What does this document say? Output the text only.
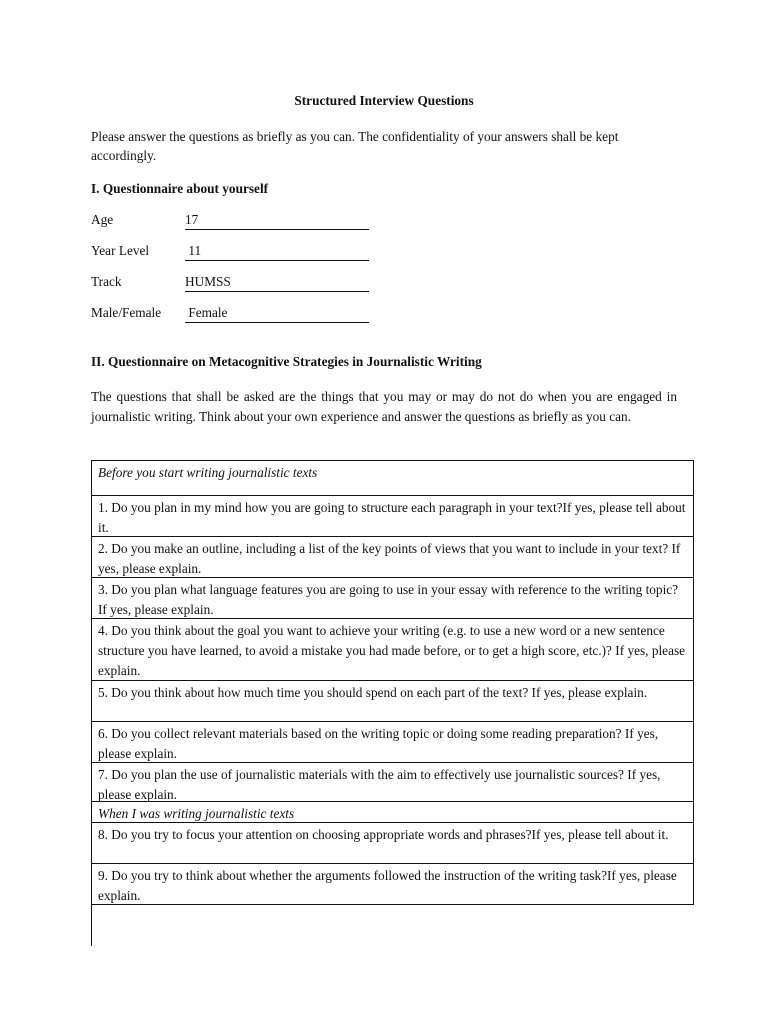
Structured Interview Questions
Please answer the questions as briefly as you can. The confidentiality of your answers shall be kept accordingly.
I. Questionnaire about yourself
Age	17
Year Level	11
Track	HUMSS
Male/Female Female
II. Questionnaire on Metacognitive Strategies in Journalistic Writing
The questions that shall be asked are the things that you may or may do not do when you are engaged in journalistic writing. Think about your own experience and answer the questions as briefly as you can.
Before you start writing journalistic texts
1. Do you plan in my mind how you are going to structure each paragraph in your text?If yes, please tell about it.
2. Do you make an outline, including a list of the key points of views that you want to include in your text? If yes, please explain.
3. Do you plan what language features you are going to use in your essay with reference to the writing topic? If yes, please explain.
4. Do you think about the goal you want to achieve your writing (e.g. to use a new word or a new sentence structure you have learned, to avoid a mistake you had made before, or to get a high score, etc.)? If yes, please explain.
5. Do you think about how much time you should spend on each part of the text? If yes, please explain.
6. Do you collect relevant materials based on the writing topic or doing some reading preparation? If yes, please explain.
7. Do you plan the use of journalistic materials with the aim to effectively use journalistic sources? If yes, please explain.
When I was writing journalistic texts
8. Do you try to focus your attention on choosing appropriate words and phrases?If yes, please tell about it.
9. Do you try to think about whether the arguments followed the instruction of the writing task?If yes, please explain.
